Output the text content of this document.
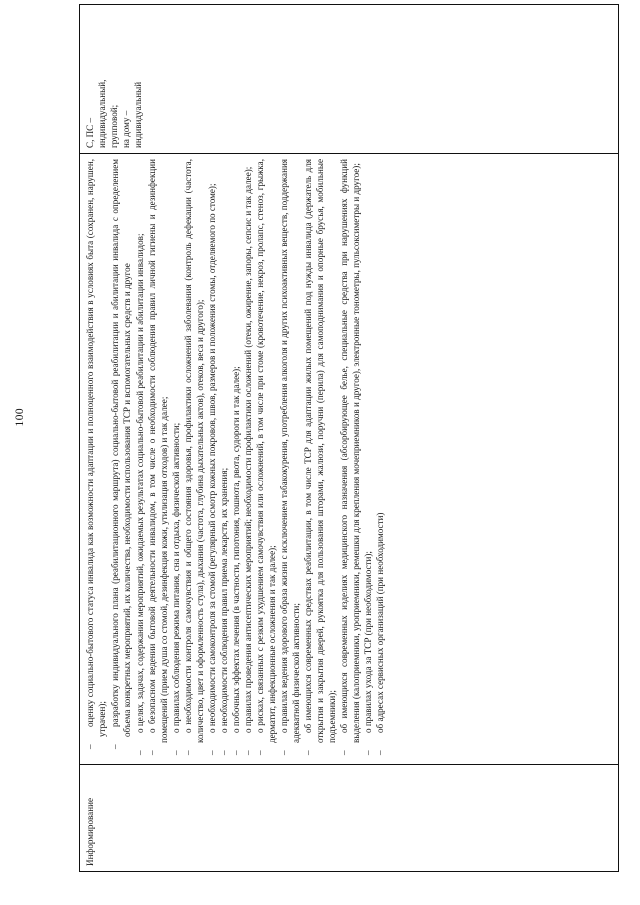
100
Информирование

– оценку социально-бытового статуса инвалида как возможности адаптации и полноценного взаимодействия в условиях быта (сохранен, нарушен, утрачен); – разработку индивидуального плана (реабилитационного маршрута) социально-бытовой реабилитации и абилитации инвалида с определением объема конкретных мероприятий, их количества, необходимости использования ТСР и вспомогательных средств и другое – о целях, задачах, содержании мероприятий, ожидаемых результатах социально-бытовой реабилитации и абилитации инвалидов; – о безопасном ведении бытовой деятельности инвалидом, в том числе о необходимости соблюдения правил личной гигиены и дезинфекции помещений (прием душа со стомой, дезинфекция кожи, утилизация отходов) и так далее; – о правилах соблюдения режима питания, сна и отдыха, физической активности; – о необходимости контроля самочувствия и общего состояния здоровья, профилактики осложнений заболевания (контроль дефекации (частота, количество, цвет и оформленность стула), дыхания (частота, глубина дыхательных актов), отеков, веса и другого); – о необходимости самоконтроля за стомой (регулярный осмотр кожных покровов, швов, размеров и положения стомы, отделяемого по стоме); – о необходимости соблюдения правил приема лекарств, их хранения; – о побочных эффектах лечения (в частности, гипотония, тошнота, рвота, судороги и так далее); – о правилах проведения антисептических мероприятий; необходимости профилактики осложнений (отеки, ожирение, запоры, сепсис и так далее); – о рисках, связанных с резким ухудшением самочувствия или осложнений, в том числе при стоме (кровотечение, некроз, пролапс, стеноз, грыжка, дерматит, инфекционные осложнения и так далее); – о правилах ведения здорового образа жизни с исключением табакокурения, употребления алкоголя и других психоактивных веществ, поддержания адекватной физической активности; – об имеющихся современных средствах реабилитации, в том числе ТСР для адаптации жилых помещений под нужды инвалида (держатель для открытия и закрытия дверей, рукоятка для пользования шторами, жалюзи, поручни (перила) для самоподнимания и опорные брусья, мобильные подъемники); – об имеющихся современных изделиях медицинского назначения (абсорбирующее белье, специальные средства при нарушениях функций выделения (калоприемники, уроприемники, ремешки для крепления мочеприемников и другое), электронные тонометры, пульсоксиметры и другое); – о правилах ухода за ТСР (при необходимости); – об адресах сервисных организаций (при необходимости)

С, ПС – индивидуальный, групповой; на дому – индивидуальный
